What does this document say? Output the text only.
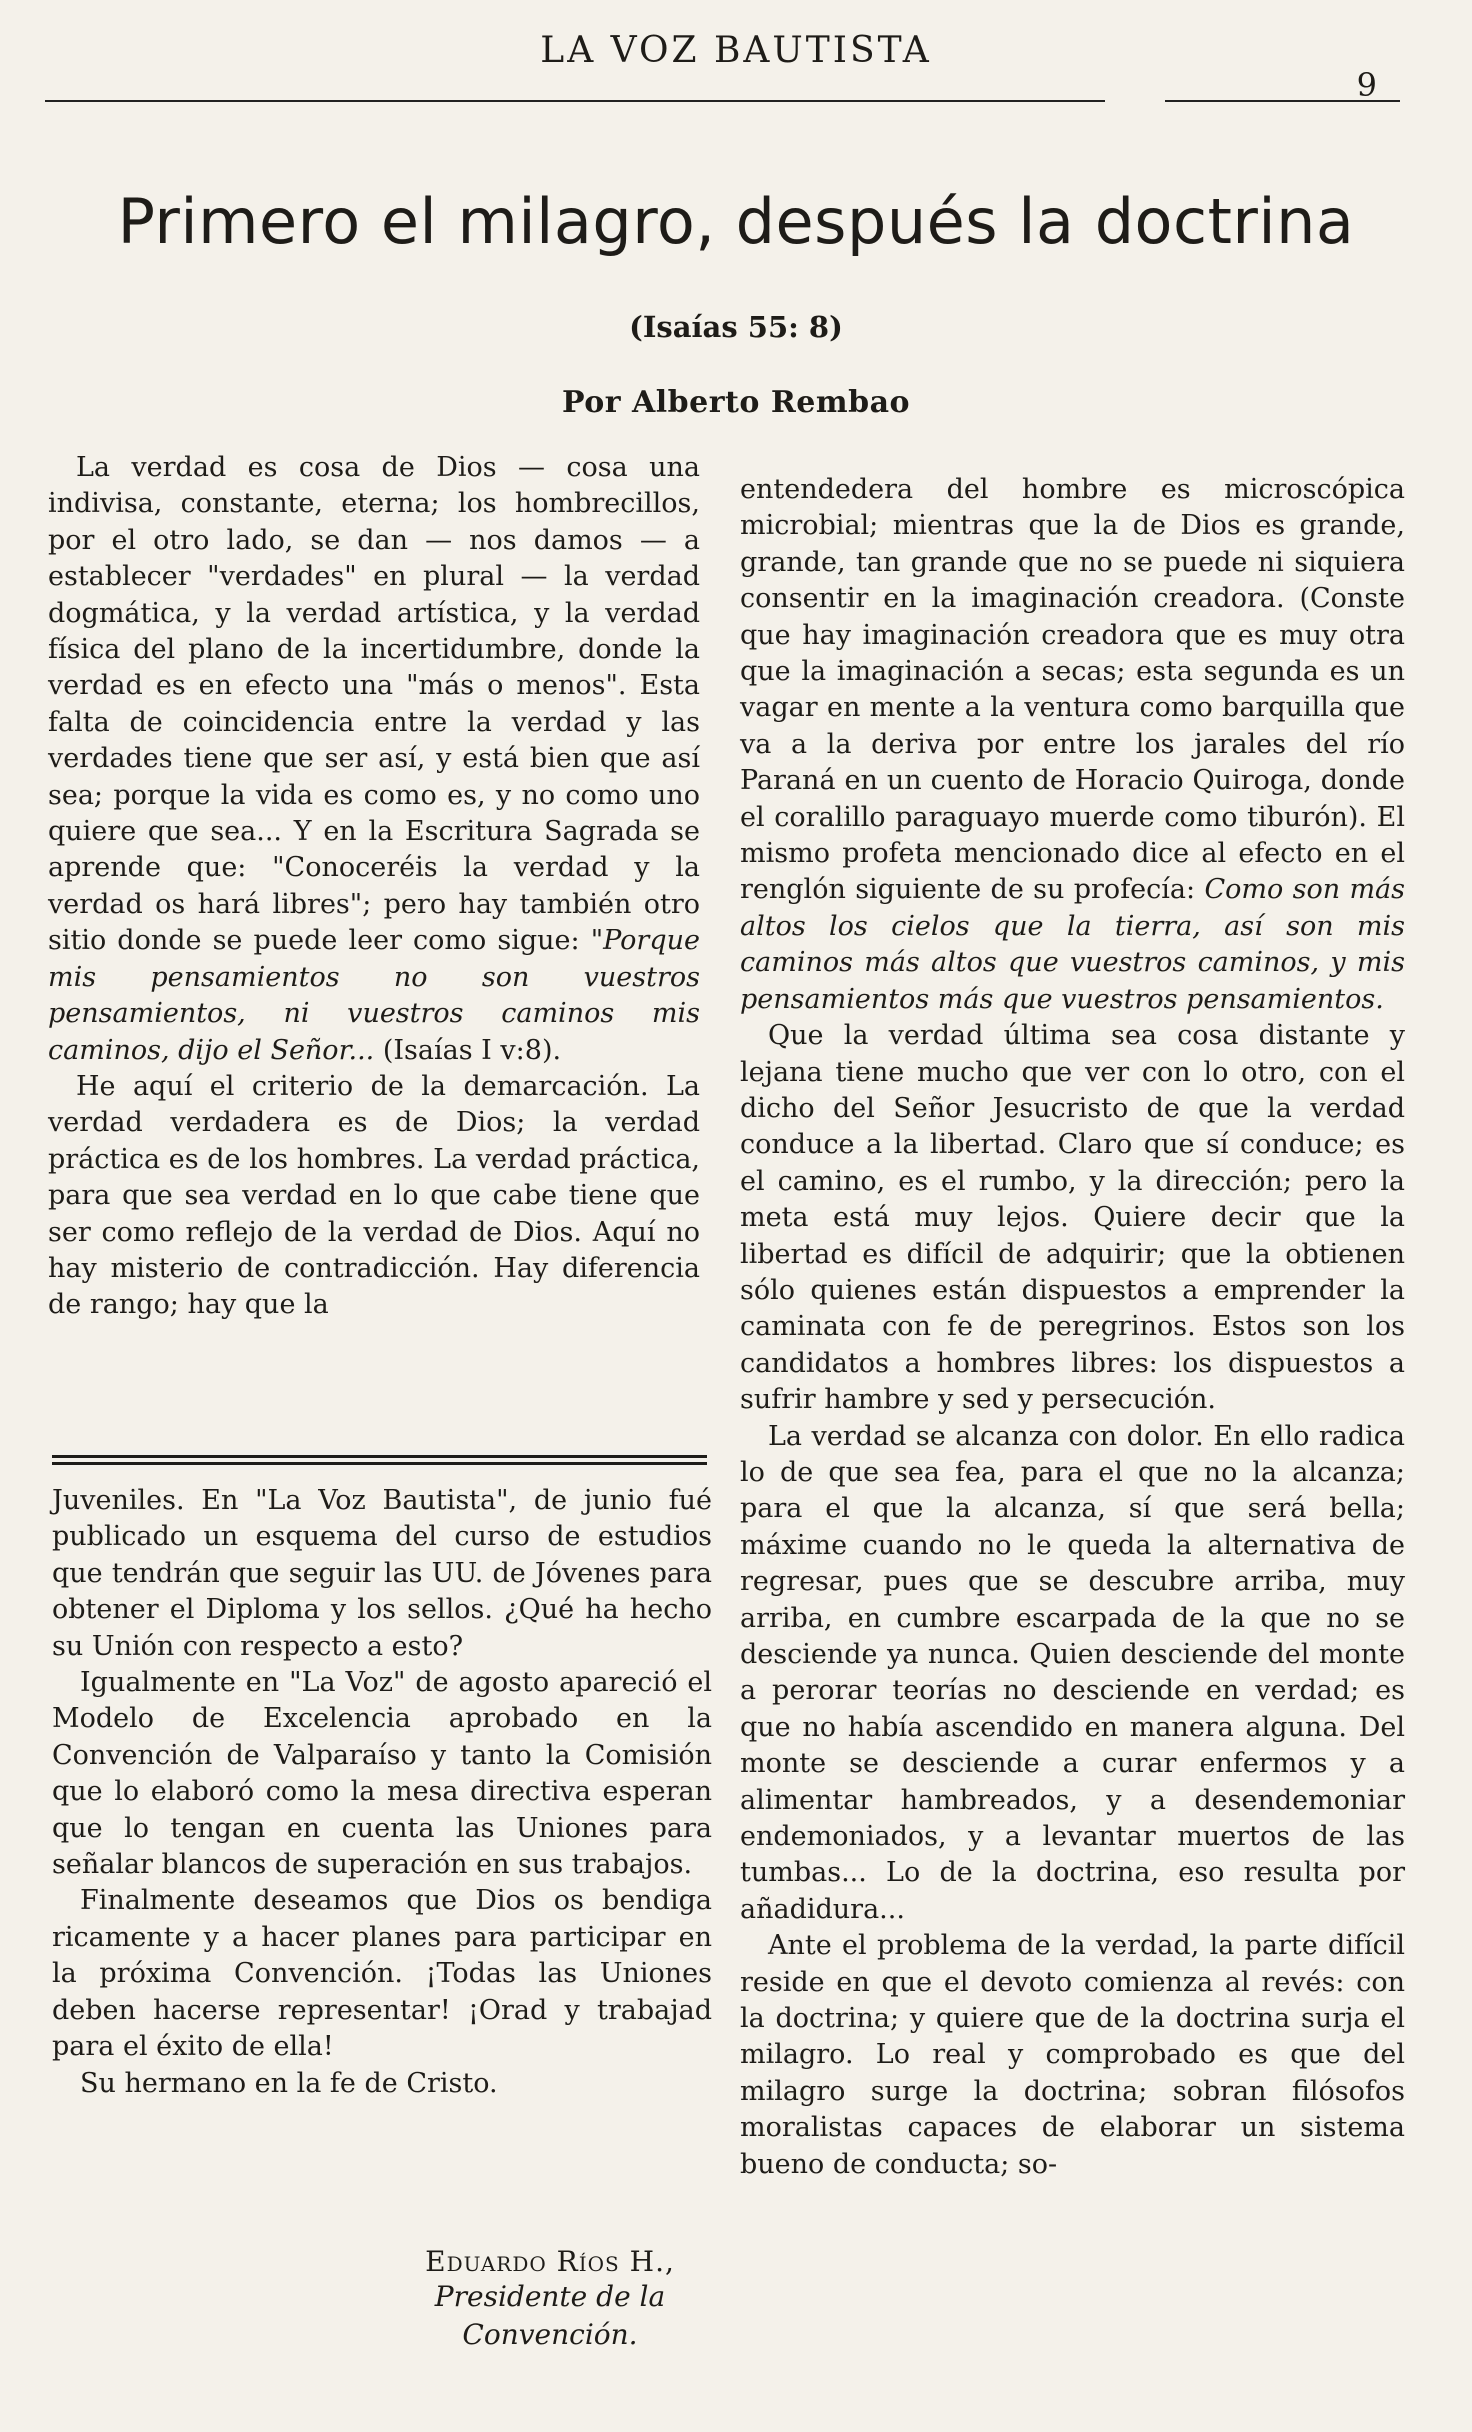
LA VOZ BAUTISTA
9
Primero el milagro, después la doctrina
(Isaías 55: 8)
Por Alberto Rembao

La verdad es cosa de Dios — cosa una indivisa, constante, eterna; los hombrecillos, por el otro lado, se dan — nos damos — a establecer "verdades" en plural — la verdad dogmática, y la verdad artística, y la verdad física del plano de la incertidumbre, donde la verdad es en efecto una "más o menos". Esta falta de coincidencia entre la verdad y las verdades tiene que ser así, y está bien que así sea; porque la vida es como es, y no como uno quiere que sea... Y en la Escritura Sagrada se aprende que: "Conoceréis la verdad y la verdad os hará libres"; pero hay también otro sitio donde se puede leer como sigue: "Porque mis pensamientos no son vuestros pensamientos, ni vuestros caminos mis caminos, dijo el Señor... (Isaías I v:8).

He aquí el criterio de la demarcación. La verdad verdadera es de Dios; la verdad práctica es de los hombres. La verdad práctica, para que sea verdad en lo que cabe tiene que ser como reflejo de la verdad de Dios. Aquí no hay misterio de contradicción. Hay diferencia de rango; hay que la

Juveniles. En "La Voz Bautista", de junio fué publicado un esquema del curso de estudios que tendrán que seguir las UU. de Jóvenes para obtener el Diploma y los sellos. ¿Qué ha hecho su Unión con respecto a esto?

Igualmente en "La Voz" de agosto apareció el Modelo de Excelencia aprobado en la Convención de Valparaíso y tanto la Comisión que lo elaboró como la mesa directiva esperan que lo tengan en cuenta las Uniones para señalar blancos de superación en sus trabajos.

Finalmente deseamos que Dios os bendiga ricamente y a hacer planes para participar en la próxima Convención. ¡Todas las Uniones deben hacerse representar! ¡Orad y trabajad para el éxito de ella!

Su hermano en la fe de Cristo.

Eduardo Ríos H.,
Presidente de la
Convención.

entendedera del hombre es microscópica microbial; mientras que la de Dios es grande, grande, tan grande que no se puede ni siquiera consentir en la imaginación creadora. (Conste que hay imaginación creadora que es muy otra que la imaginación a secas; esta segunda es un vagar en mente a la ventura como barquilla que va a la deriva por entre los jarales del río Paraná en un cuento de Horacio Quiroga, donde el coralillo paraguayo muerde como tiburón). El mismo profeta mencionado dice al efecto en el renglón siguiente de su profecía: Como son más altos los cielos que la tierra, así son mis caminos más altos que vuestros caminos, y mis pensamientos más que vuestros pensamientos.

Que la verdad última sea cosa distante y lejana tiene mucho que ver con lo otro, con el dicho del Señor Jesucristo de que la verdad conduce a la libertad. Claro que sí conduce; es el camino, es el rumbo, y la dirección; pero la meta está muy lejos. Quiere decir que la libertad es difícil de adquirir; que la obtienen sólo quienes están dispuestos a emprender la caminata con fe de peregrinos. Estos son los candidatos a hombres libres: los dispuestos a sufrir hambre y sed y persecución.

La verdad se alcanza con dolor. En ello radica lo de que sea fea, para el que no la alcanza; para el que la alcanza, sí que será bella; máxime cuando no le queda la alternativa de regresar, pues que se descubre arriba, muy arriba, en cumbre escarpada de la que no se desciende ya nunca. Quien desciende del monte a perorar teorías no desciende en verdad; es que no había ascendido en manera alguna. Del monte se desciende a curar enfermos y a alimentar hambreados, y a desendemoniar endemoniados, y a levantar muertos de las tumbas... Lo de la doctrina, eso resulta por añadidura...

Ante el problema de la verdad, la parte difícil reside en que el devoto comienza al revés: con la doctrina; y quiere que de la doctrina surja el milagro. Lo real y comprobado es que del milagro surge la doctrina; sobran filósofos moralistas capaces de elaborar un sistema bueno de conducta; so-
